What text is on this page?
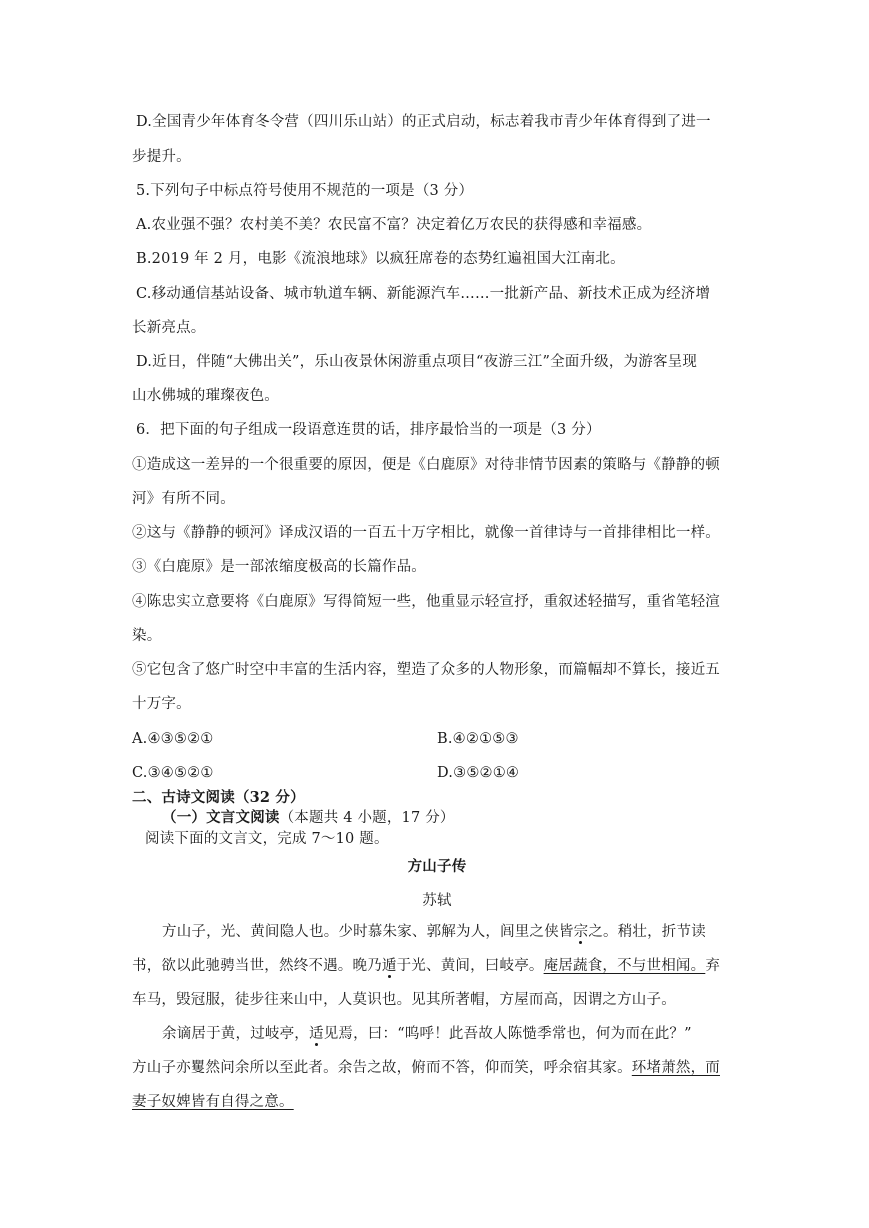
D.全国青少年体育冬令营（四川乐山站）的正式启动，标志着我市青少年体育得到了进一
步提升。
5.下列句子中标点符号使用不规范的一项是（3 分）
A.农业强不强？农村美不美？农民富不富？决定着亿万农民的获得感和幸福感。
B.2019 年 2 月，电影《流浪地球》以疯狂席卷的态势红遍祖国大江南北。
C.移动通信基站设备、城市轨道车辆、新能源汽车……一批新产品、新技术正成为经济增
长新亮点。
D.近日，伴随“大佛出关”，乐山夜景休闲游重点项目“夜游三江”全面升级，为游客呈现
山水佛城的璀璨夜色。
6．把下面的句子组成一段语意连贯的话，排序最恰当的一项是（3 分）
①造成这一差异的一个很重要的原因，便是《白鹿原》对待非情节因素的策略与《静静的顿
河》有所不同。
②这与《静静的顿河》译成汉语的一百五十万字相比，就像一首律诗与一首排律相比一样。
③《白鹿原》是一部浓缩度极高的长篇作品。
④陈忠实立意要将《白鹿原》写得简短一些，他重显示轻宣抒，重叙述轻描写，重省笔轻渲
染。
⑤它包含了悠广时空中丰富的生活内容，塑造了众多的人物形象，而篇幅却不算长，接近五
十万字。
A.④③⑤②①	B.④②①⑤③
C.③④⑤②①	D.③⑤②①④
二、古诗文阅读（32 分）
（一）文言文阅读（本题共 4 小题，17 分）
阅读下面的文言文，完成 7～10 题。
方山子传
苏轼
方山子，光、黄间隐人也。少时慕朱家、郭解为人，闾里之侠皆宗之。稍壮，折节读
书，欲以此驰骋当世，然终不遇。晚乃遁于光、黄间，曰岐亭。庵居蔬食，不与世相闻。弃
车马，毁冠服，徒步往来山中，人莫识也。见其所著帽，方屋而高，因谓之方山子。
余谪居于黄，过岐亭，适见焉，曰：“呜呼！此吾故人陈慥季常也，何为而在此？”
方山子亦矍然问余所以至此者。余告之故，俯而不答，仰而笑，呼余宿其家。环堵萧然，而
妻子奴婢皆有自得之意。
